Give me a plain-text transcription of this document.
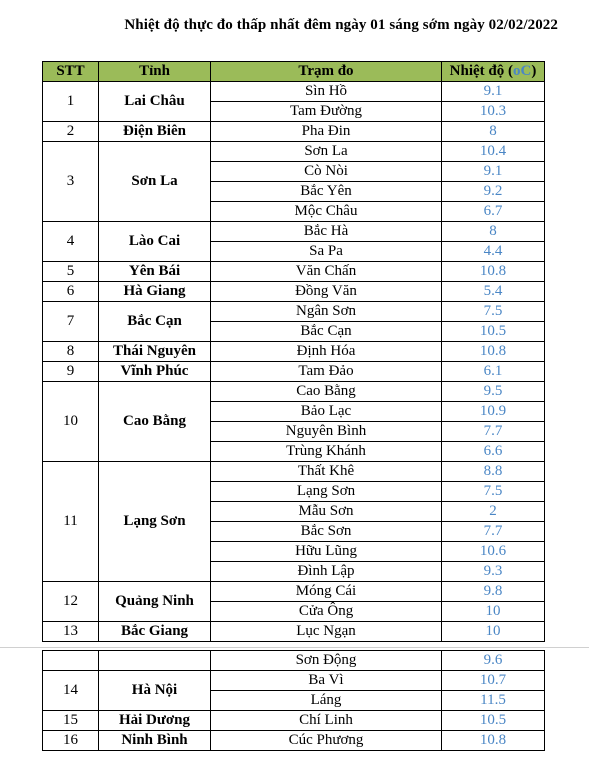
Nhiệt độ thực đo thấp nhất đêm ngày 01 sáng sớm ngày 02/02/2022
STT	Tỉnh	Trạm đo	Nhiệt độ (oC)
1	Lai Châu	Sìn Hồ	9.1
		Tam Đường	10.3
2	Điện Biên	Pha Đin	8
3	Sơn La	Sơn La	10.4
		Cò Nòi	9.1
		Bắc Yên	9.2
		Mộc Châu	6.7
4	Lào Cai	Bắc Hà	8
		Sa Pa	4.4
5	Yên Bái	Văn Chấn	10.8
6	Hà Giang	Đồng Văn	5.4
7	Bắc Cạn	Ngân Sơn	7.5
		Bắc Cạn	10.5
8	Thái Nguyên	Định Hóa	10.8
9	Vĩnh Phúc	Tam Đảo	6.1
10	Cao Bằng	Cao Bằng	9.5
		Bảo Lạc	10.9
		Nguyên Bình	7.7
		Trùng Khánh	6.6
11	Lạng Sơn	Thất Khê	8.8
		Lạng Sơn	7.5
		Mẫu Sơn	2
		Bắc Sơn	7.7
		Hữu Lũng	10.6
		Đình Lập	9.3
12	Quảng Ninh	Móng Cái	9.8
		Cửa Ông	10
13	Bắc Giang	Lục Ngạn	10
		Sơn Động	9.6
14	Hà Nội	Ba Vì	10.7
		Láng	11.5
15	Hải Dương	Chí Linh	10.5
16	Ninh Bình	Cúc Phương	10.8
